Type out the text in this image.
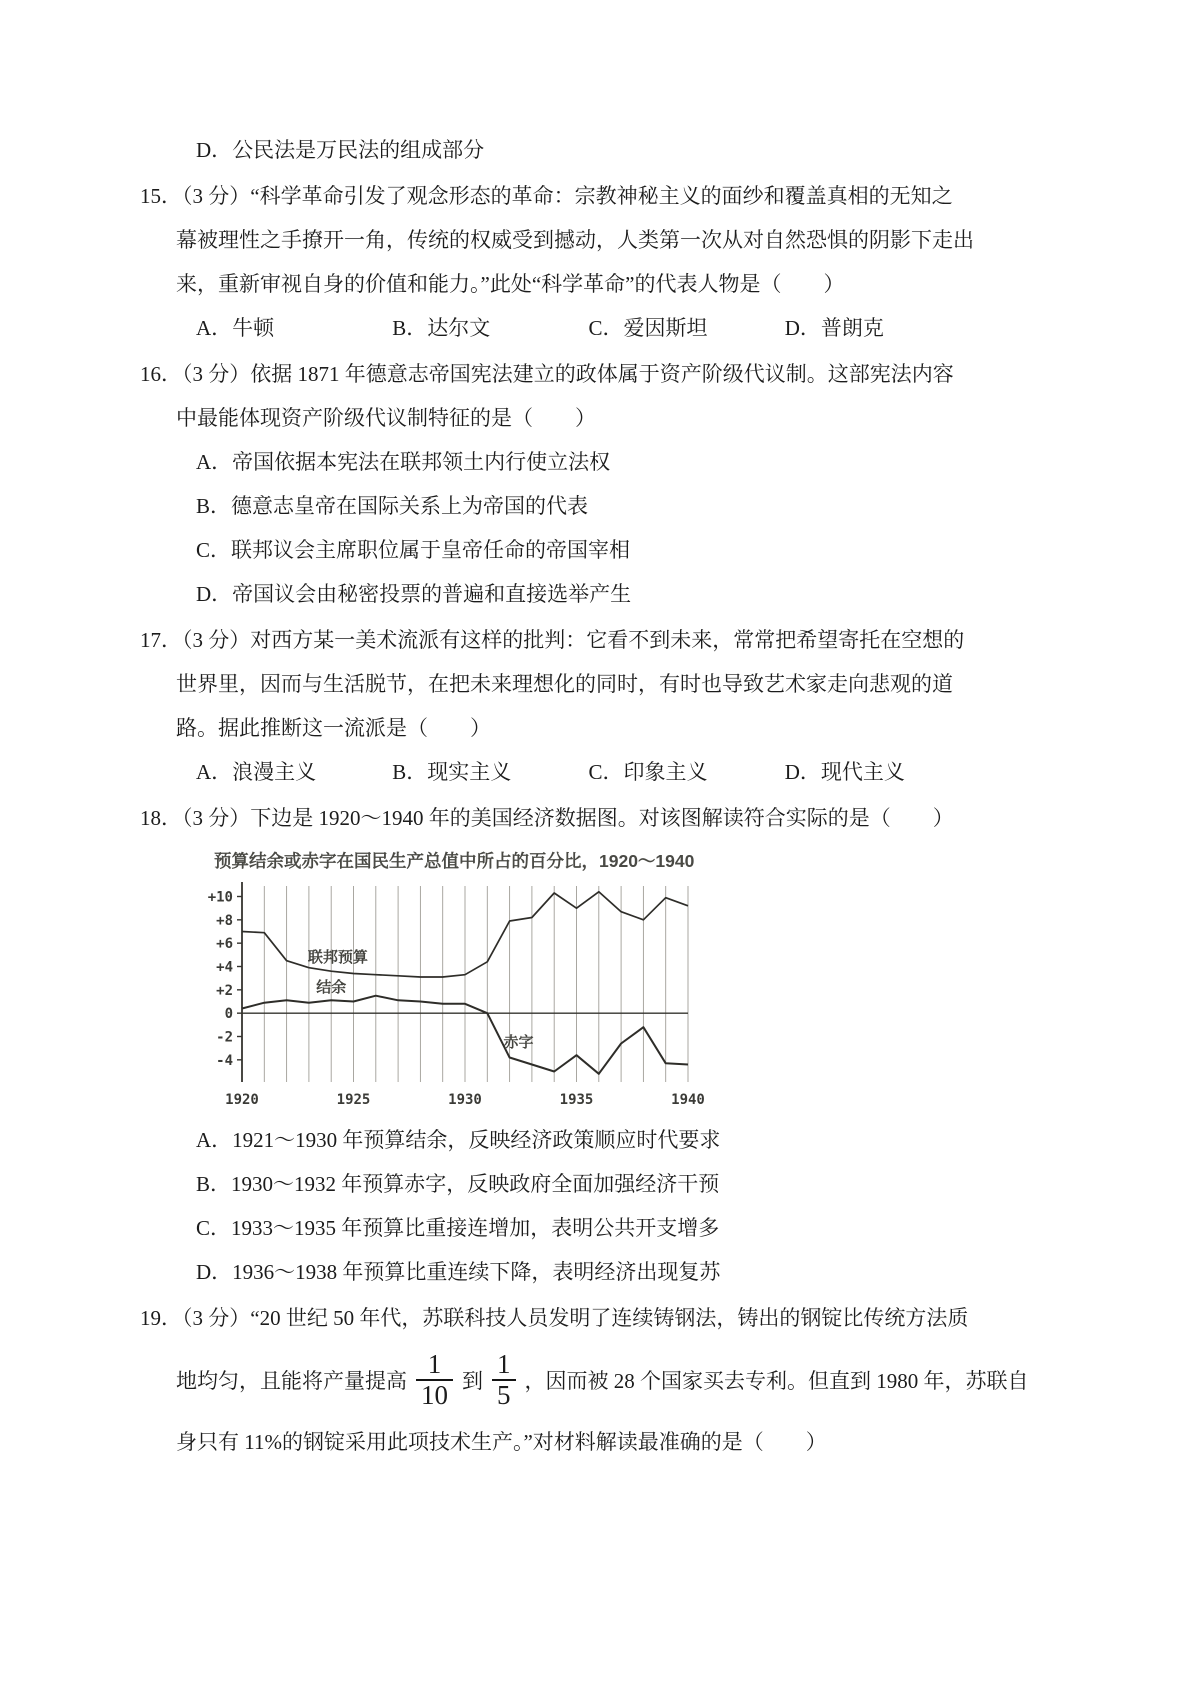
D．公民法是万民法的组成部分
15．（3 分）“科学革命引发了观念形态的革命：宗教神秘主义的面纱和覆盖真相的无知之
幕被理性之手撩开一角，传统的权威受到撼动，人类第一次从对自然恐惧的阴影下走出
来，重新审视自身的价值和能力。”此处“科学革命”的代表人物是（　　）
A．牛顿	B．达尔文	C．爱因斯坦	D．普朗克
16．（3 分）依据 1871 年德意志帝国宪法建立的政体属于资产阶级代议制。这部宪法内容
中最能体现资产阶级代议制特征的是（　　）
A．帝国依据本宪法在联邦领土内行使立法权
B．德意志皇帝在国际关系上为帝国的代表
C．联邦议会主席职位属于皇帝任命的帝国宰相
D．帝国议会由秘密投票的普遍和直接选举产生
17．（3 分）对西方某一美术流派有这样的批判：它看不到未来，常常把希望寄托在空想的
世界里，因而与生活脱节，在把未来理想化的同时，有时也导致艺术家走向悲观的道
路。据此推断这一流派是（　　）
A．浪漫主义	B．现实主义	C．印象主义	D．现代主义
18．（3 分）下边是 1920～1940 年的美国经济数据图。对该图解读符合实际的是（　　）
预算结余或赤字在国民生产总值中所占的百分比，1920～1940
+10
+8
+6
+4
+2
0
-2
-4
1920	1925	1930	1935	1940
联邦预算
结余
赤字
A．1921～1930 年预算结余，反映经济政策顺应时代要求
B．1930～1932 年预算赤字，反映政府全面加强经济干预
C．1933～1935 年预算比重接连增加，表明公共开支增多
D．1936～1938 年预算比重连续下降，表明经济出现复苏
19．（3 分）“20 世纪 50 年代，苏联科技人员发明了连续铸钢法，铸出的钢锭比传统方法质
地均匀，且能将产量提高 $\frac{1}{10}$ 到 $\frac{1}{5}$ ，因而被 28 个国家买去专利。但直到 1980 年，苏联自
身只有 11%的钢锭采用此项技术生产。”对材料解读最准确的是（　　）
